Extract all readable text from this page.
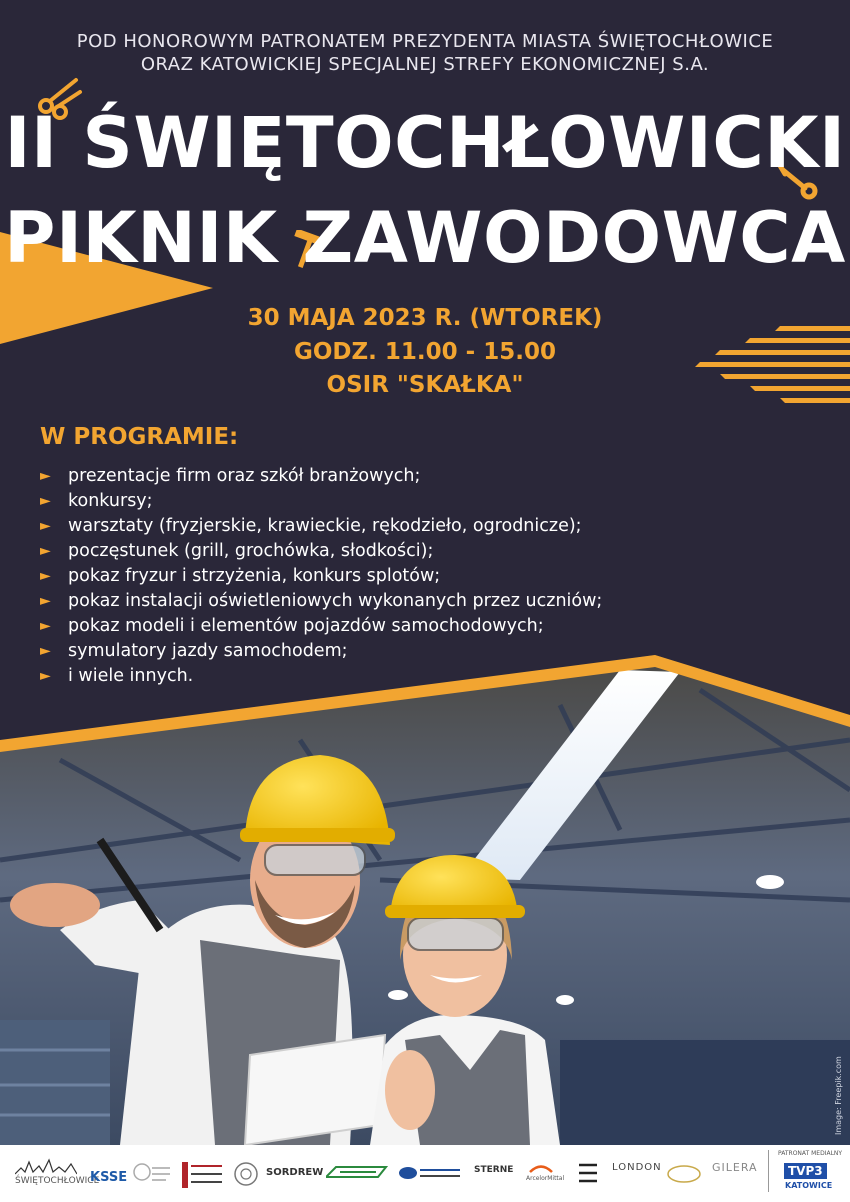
POD HONOROWYM PATRONATEM PREZYDENTA MIASTA ŚWIĘTOCHŁOWICE
ORAZ KATOWICKIEJ SPECJALNEJ STREFY EKONOMICZNEJ S.A.
II ŚWIĘTOCHŁOWICKI
PIKNIK ZAWODOWCA
30 MAJA 2023 R. (WTOREK)
GODZ. 11.00 - 15.00
OSIR "SKAŁKA"
W PROGRAMIE:
► prezentacje firm oraz szkół branżowych;
► konkursy;
► warsztaty (fryzjerskie, krawieckie, rękodzieło, ogrodnicze);
► poczęstunek (grill, grochówka, słodkości);
► pokaz fryzur i strzyżenia, konkurs splotów;
► pokaz instalacji oświetleniowych wykonanych przez uczniów;
► pokaz modeli i elementów pojazdów samochodowych;
► symulatory jazdy samochodem;
► i wiele innych.
Image: Freepik.com
ŚWIĘTOCHŁOWICE
KSSE	SORDREW	STERNE
ArcelorMittal
LONDON	GILERA
PATRONAT MEDIALNY
TVP3
KATOWICE
